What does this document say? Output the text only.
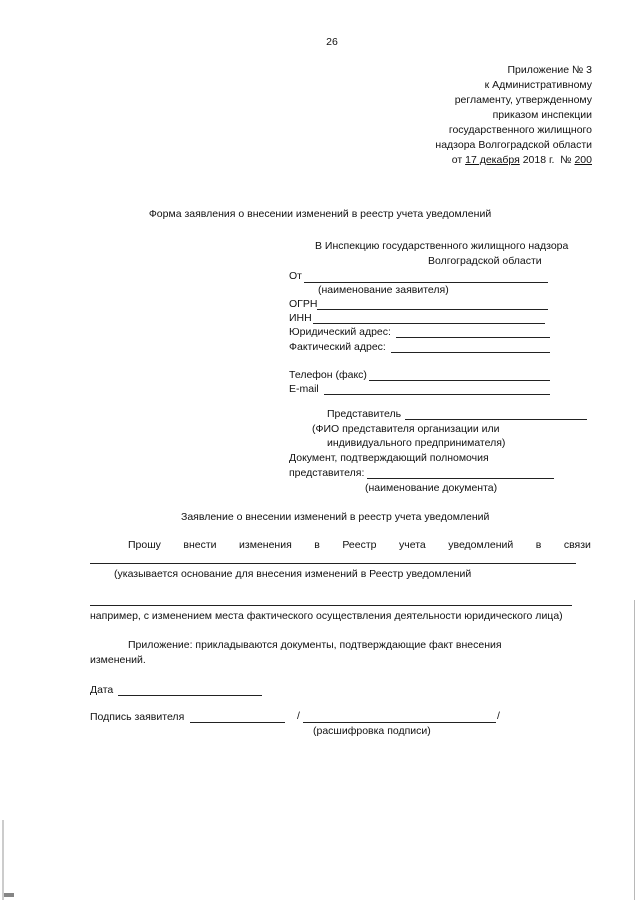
26
Приложение № 3
к Административному
регламенту, утвержденному
приказом инспекции
государственного жилищного
надзора Волгоградской области
от 17 декабря 2018 г. № 200
Форма заявления о внесении изменений в реестр учета уведомлений
В Инспекцию государственного жилищного надзора
Волгоградской области
От
(наименование заявителя)
ОГРН
ИНН
Юридический адрес:
Фактический адрес:
Телефон (факс)
E-mail
Представитель
(ФИО представителя организации или
индивидуального предпринимателя)
Документ, подтверждающий полномочия
представителя:
(наименование документа)
Заявление о внесении изменений в реестр учета уведомлений
Прошу внести изменения в Реестр учета уведомлений в связи
(указывается основание для внесения изменений в Реестр уведомлений
например, с изменением места фактического осуществления деятельности юридического лица)
Приложение: прикладываются документы, подтверждающие факт внесения
изменений.
Дата
Подпись заявителя	/	/
(расшифровка подписи)
